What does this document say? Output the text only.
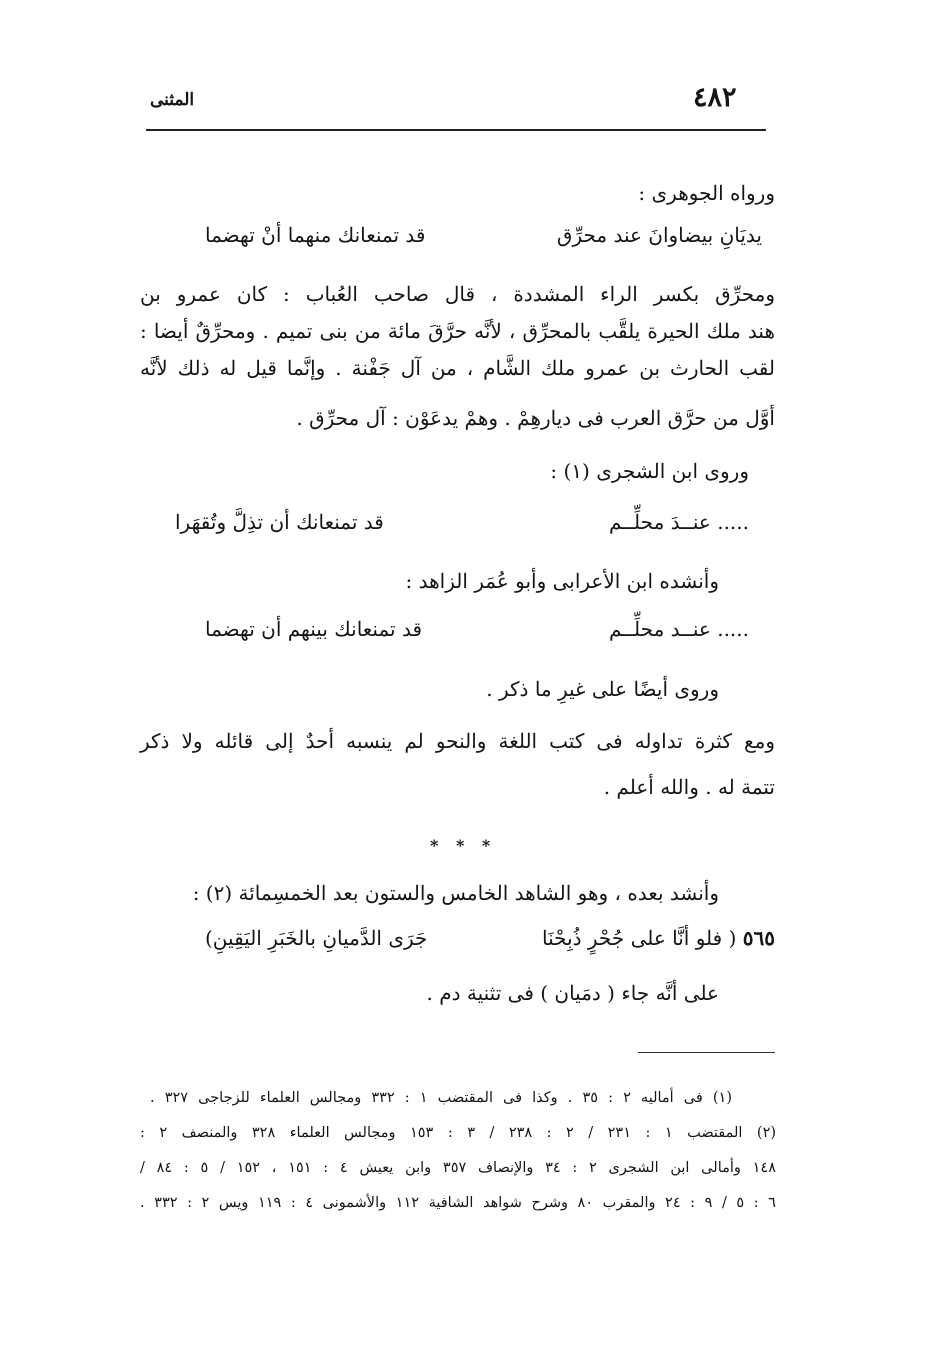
٤٨٢
المثنى
ورواه الجوهرى :
يديَانِ بيضاوانَ عند محرِّق
قد تمنعانك منهما أنْ تهضما
ومحرِّق بكسر الراء المشددة ، قال صاحب العُباب : كان عمرو بن
هند ملك الحيرة يلقَّب بالمحرِّق ، لأنَّه حرَّقَ مائة من بنى تميم . ومحرِّقٌ أيضا :
لقب الحارث بن عمرو ملك الشَّام ، من آل جَفْنة . وإنَّما قيل له ذلك لأنَّه
أوَّل من حرَّق العرب فى ديارهِمْ . وهمْ يدعَوْن : آل محرِّق .
وروى ابن الشجرى (١) :
..... عنــدَ محلِّــم
قد تمنعانك أن تذِلَّ وتُقهَرا
وأنشده ابن الأعرابى وأبو عُمَر الزاهد :
..... عنــد محلِّــم
قد تمنعانك بينهم أن تهضما
وروى أيضًا على غيرِ ما ذكر .
ومع كثرة تداوله فى كتب اللغة والنحو لم ينسبه أحدٌ إلى قائله ولا ذكر
تتمة له . والله أعلم .
* * *
وأنشد بعده ، وهو الشاهد الخامس والستون بعد الخمسِمائة (٢) :
٥٦٥ ( فلو أنَّا على جُحْرٍ ذُبِحْنَا
جَرَى الدَّميانِ بالخَبَرِ اليَقِينِ)
على أنَّه جاء ( دمَيان ) فى تثنية دم .
(١) فى أماليه ٢ : ٣٥ . وكذا فى المقتضب ١ : ٣٣٢ ومجالس العلماء للزجاجى ٣٢٧ .
(٢) المقتضب ١ : ٢٣١ / ٢ : ٢٣٨ / ٣ : ١٥٣ ومجالس العلماء ٣٢٨ والمنصف ٢ :
١٤٨ وأمالى ابن الشجرى ٢ : ٣٤ والإنصاف ٣٥٧ وابن يعيش ٤ : ١٥١ ، ١٥٢ / ٥ : ٨٤ /
٦ : ٥ / ٩ : ٢٤ والمقرب ٨٠ وشرح شواهد الشافية ١١٢ والأشمونى ٤ : ١١٩ ويس ٢ : ٣٣٢ .
